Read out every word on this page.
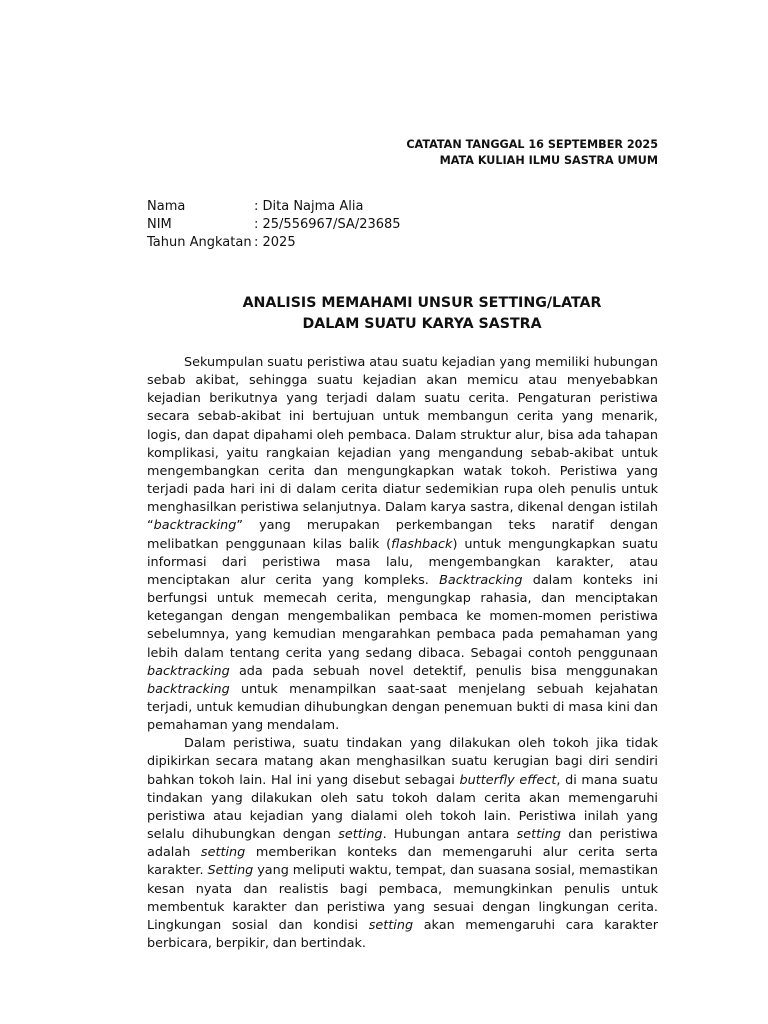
CATATAN TANGGAL 16 SEPTEMBER 2025
MATA KULIAH ILMU SASTRA UMUM
Nama	: Dita Najma Alia
NIM	: 25/556967/SA/23685
Tahun Angkatan : 2025
ANALISIS MEMAHAMI UNSUR SETTING/LATAR
DALAM SUATU KARYA SASTRA

Sekumpulan suatu peristiwa atau suatu kejadian yang memiliki hubungan sebab akibat, sehingga suatu kejadian akan memicu atau menyebabkan kejadian berikutnya yang terjadi dalam suatu cerita. Pengaturan peristiwa secara sebab-akibat ini bertujuan untuk membangun cerita yang menarik, logis, dan dapat dipahami oleh pembaca. Dalam struktur alur, bisa ada tahapan komplikasi, yaitu rangkaian kejadian yang mengandung sebab-akibat untuk mengembangkan cerita dan mengungkapkan watak tokoh. Peristiwa yang terjadi pada hari ini di dalam cerita diatur sedemikian rupa oleh penulis untuk menghasilkan peristiwa selanjutnya. Dalam karya sastra, dikenal dengan istilah “backtracking” yang merupakan perkembangan teks naratif dengan melibatkan penggunaan kilas balik (flashback) untuk mengungkapkan suatu informasi dari peristiwa masa lalu, mengembangkan karakter, atau menciptakan alur cerita yang kompleks. Backtracking dalam konteks ini berfungsi untuk memecah cerita, mengungkap rahasia, dan menciptakan ketegangan dengan mengembalikan pembaca ke momen-momen peristiwa sebelumnya, yang kemudian mengarahkan pembaca pada pemahaman yang lebih dalam tentang cerita yang sedang dibaca. Sebagai contoh penggunaan backtracking ada pada sebuah novel detektif, penulis bisa menggunakan backtracking untuk menampilkan saat-saat menjelang sebuah kejahatan terjadi, untuk kemudian dihubungkan dengan penemuan bukti di masa kini dan pemahaman yang mendalam.

Dalam peristiwa, suatu tindakan yang dilakukan oleh tokoh jika tidak dipikirkan secara matang akan menghasilkan suatu kerugian bagi diri sendiri bahkan tokoh lain. Hal ini yang disebut sebagai butterfly effect, di mana suatu tindakan yang dilakukan oleh satu tokoh dalam cerita akan memengaruhi peristiwa atau kejadian yang dialami oleh tokoh lain. Peristiwa inilah yang selalu dihubungkan dengan setting. Hubungan antara setting dan peristiwa adalah setting memberikan konteks dan memengaruhi alur cerita serta karakter. Setting yang meliputi waktu, tempat, dan suasana sosial, memastikan kesan nyata dan realistis bagi pembaca, memungkinkan penulis untuk membentuk karakter dan peristiwa yang sesuai dengan lingkungan cerita. Lingkungan sosial dan kondisi setting akan memengaruhi cara karakter berbicara, berpikir, dan bertindak.
